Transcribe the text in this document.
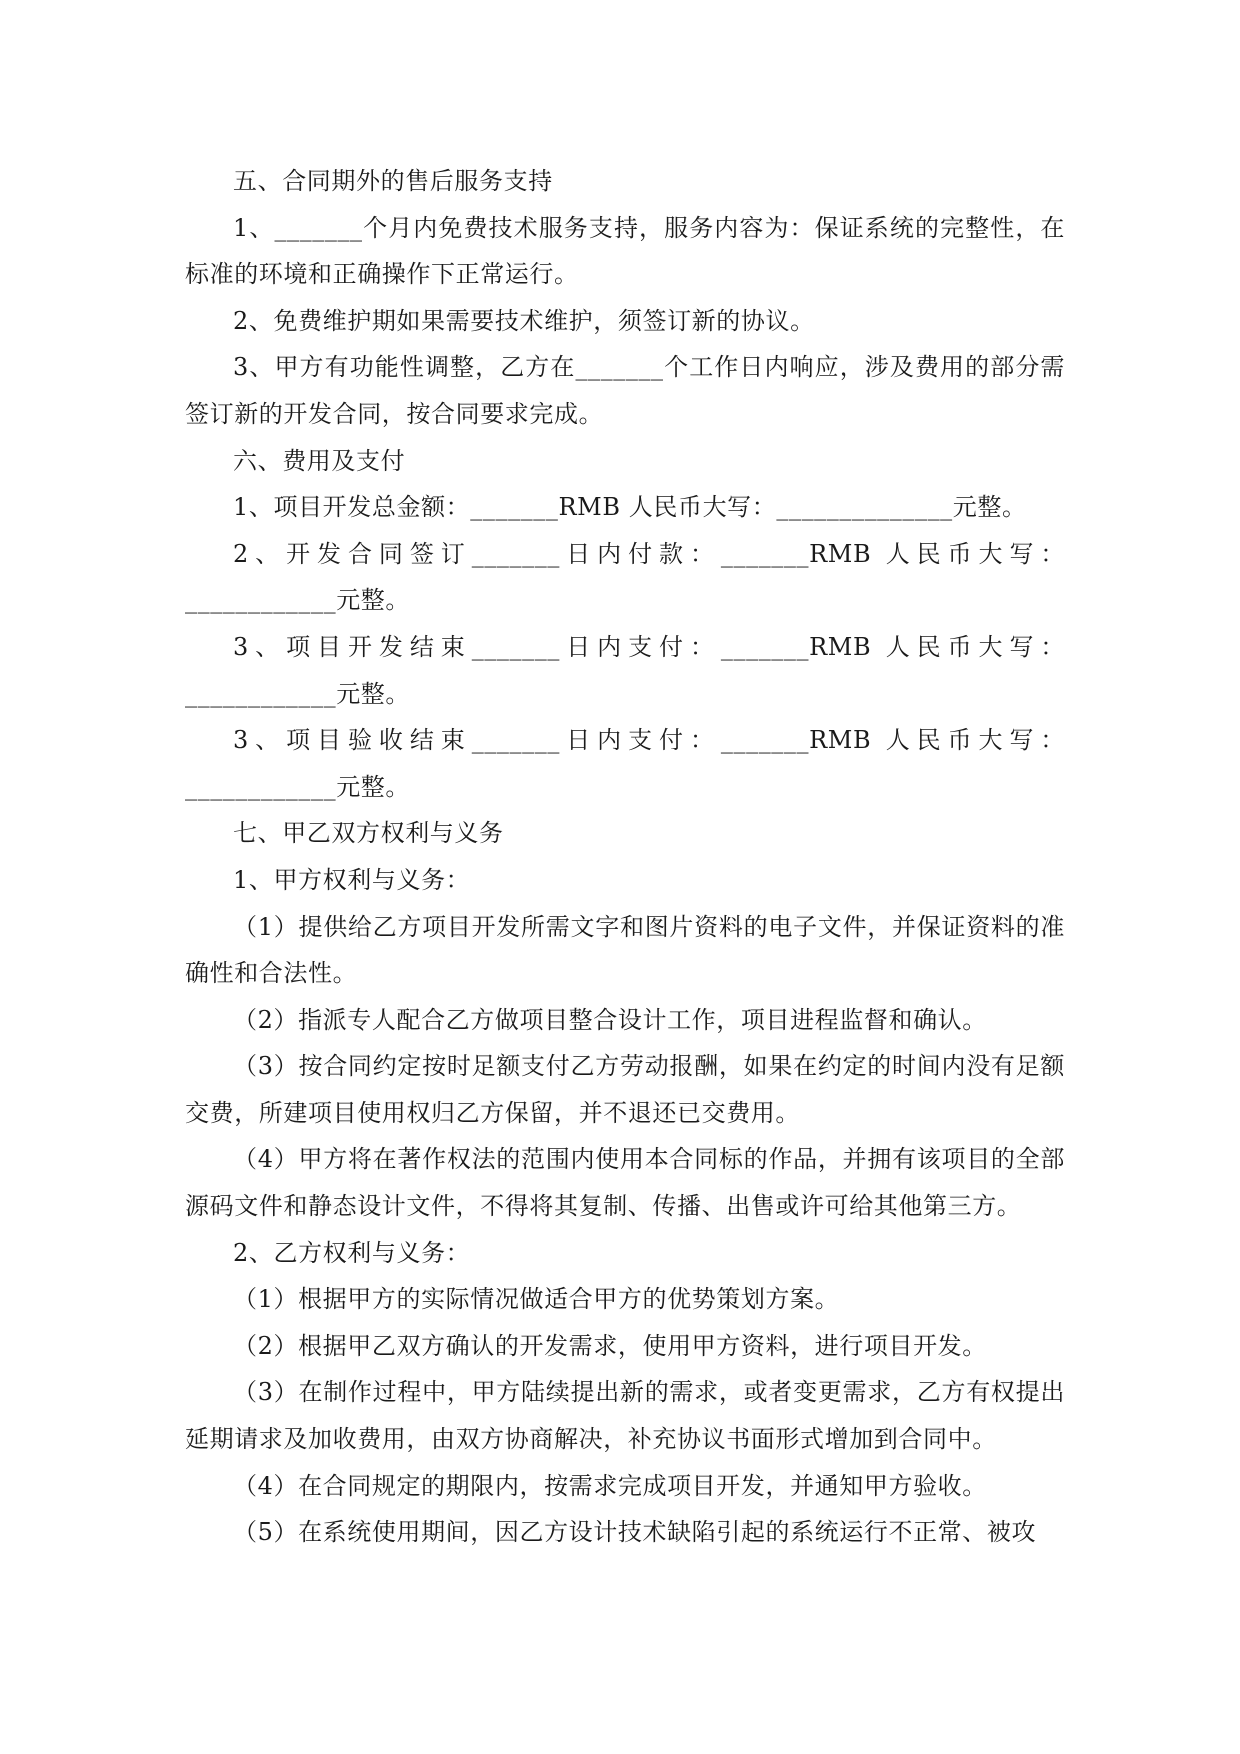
五、合同期外的售后服务支持

1、_______个月内免费技术服务支持，服务内容为：保证系统的完整性，在标准的环境和正确操作下正常运行。

2、免费维护期如果需要技术维护，须签订新的协议。

3、甲方有功能性调整，乙方在_______个工作日内响应，涉及费用的部分需签订新的开发合同，按合同要求完成。

六、费用及支付

1、项目开发总金额：_______RMB 人民币大写：______________元整。

2、开发合同签订_______日内付款：_______RMB 人民币大写：____________元整。

3、项目开发结束_______日内支付：_______RMB 人民币大写：____________元整。

3、项目验收结束_______日内支付：_______RMB 人民币大写：____________元整。

七、甲乙双方权利与义务

1、甲方权利与义务：

（1）提供给乙方项目开发所需文字和图片资料的电子文件，并保证资料的准确性和合法性。

（2）指派专人配合乙方做项目整合设计工作，项目进程监督和确认。

（3）按合同约定按时足额支付乙方劳动报酬，如果在约定的时间内没有足额交费，所建项目使用权归乙方保留，并不退还已交费用。

（4）甲方将在著作权法的范围内使用本合同标的作品，并拥有该项目的全部源码文件和静态设计文件，不得将其复制、传播、出售或许可给其他第三方。

2、乙方权利与义务：

（1）根据甲方的实际情况做适合甲方的优势策划方案。

（2）根据甲乙双方确认的开发需求，使用甲方资料，进行项目开发。

（3）在制作过程中，甲方陆续提出新的需求，或者变更需求，乙方有权提出延期请求及加收费用，由双方协商解决，补充协议书面形式增加到合同中。

（4）在合同规定的期限内，按需求完成项目开发，并通知甲方验收。

（5）在系统使用期间，因乙方设计技术缺陷引起的系统运行不正常、被攻
